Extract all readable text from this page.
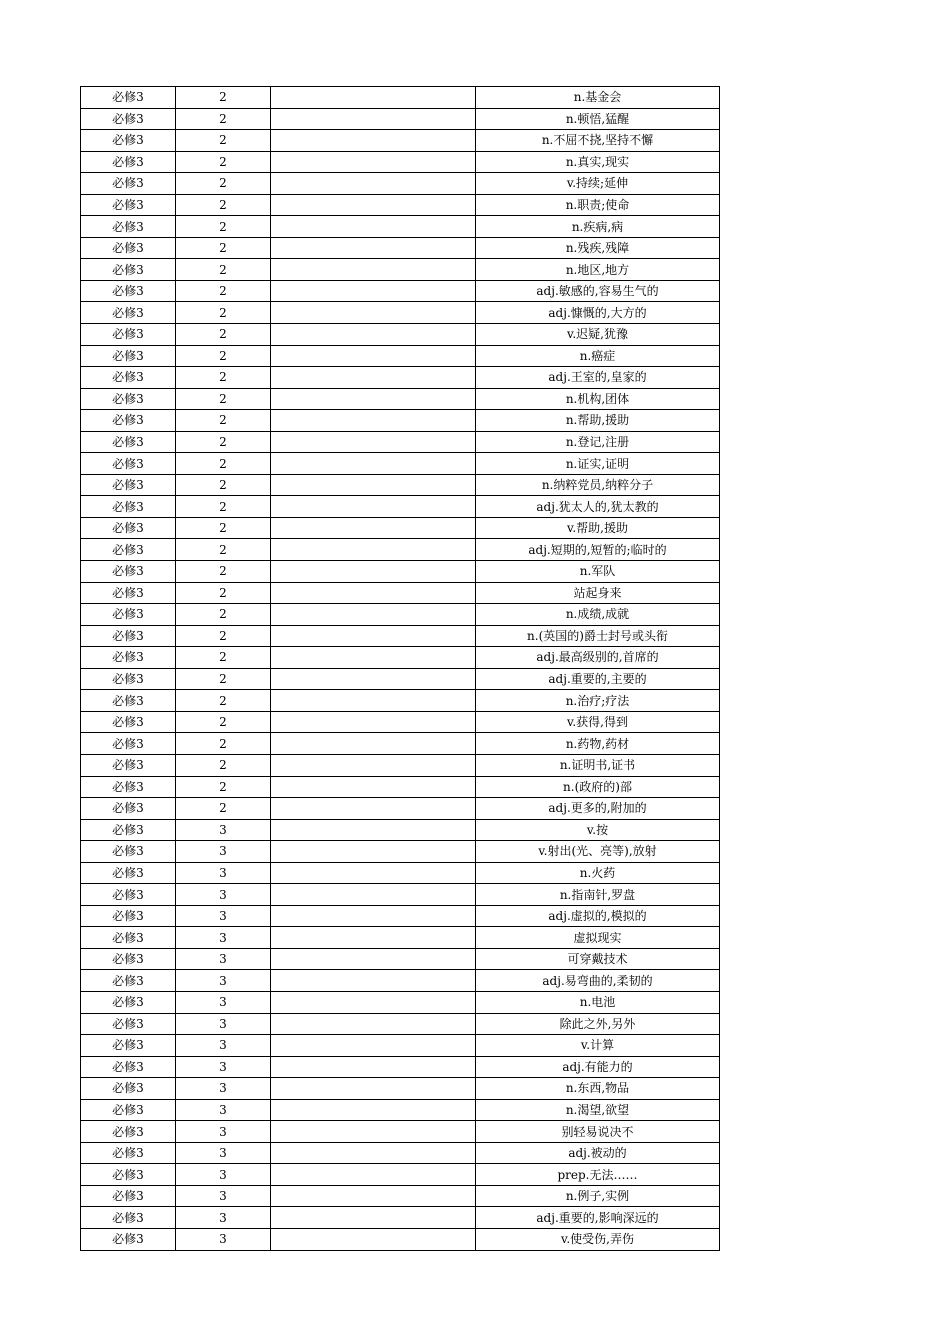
必修3	2		n.基金会
必修3	2		n.顿悟,猛醒
必修3	2		n.不屈不挠,坚持不懈
必修3	2		n.真实,现实
必修3	2		v.持续;延伸
必修3	2		n.职责;使命
必修3	2		n.疾病,病
必修3	2		n.残疾,残障
必修3	2		n.地区,地方
必修3	2		adj.敏感的,容易生气的
必修3	2		adj.慷慨的,大方的
必修3	2		v.迟疑,犹豫
必修3	2		n.癌症
必修3	2		adj.王室的,皇家的
必修3	2		n.机构,团体
必修3	2		n.帮助,援助
必修3	2		n.登记,注册
必修3	2		n.证实,证明
必修3	2		n.纳粹党员,纳粹分子
必修3	2		adj.犹太人的,犹太教的
必修3	2		v.帮助,援助
必修3	2		adj.短期的,短暂的;临时的
必修3	2		n.军队
必修3	2		站起身来
必修3	2		n.成绩,成就
必修3	2		n.(英国的)爵士封号或头衔
必修3	2		adj.最高级别的,首席的
必修3	2		adj.重要的,主要的
必修3	2		n.治疗;疗法
必修3	2		v.获得,得到
必修3	2		n.药物,药材
必修3	2		n.证明书,证书
必修3	2		n.(政府的)部
必修3	2		adj.更多的,附加的
必修3	3		v.按
必修3	3		v.射出(光、亮等),放射
必修3	3		n.火药
必修3	3		n.指南针,罗盘
必修3	3		adj.虚拟的,模拟的
必修3	3		虚拟现实
必修3	3		可穿戴技术
必修3	3		adj.易弯曲的,柔韧的
必修3	3		n.电池
必修3	3		除此之外,另外
必修3	3		v.计算
必修3	3		adj.有能力的
必修3	3		n.东西,物品
必修3	3		n.渴望,欲望
必修3	3		别轻易说决不
必修3	3		adj.被动的
必修3	3		prep.无法……
必修3	3		n.例子,实例
必修3	3		adj.重要的,影响深远的
必修3	3		v.使受伤,弄伤
